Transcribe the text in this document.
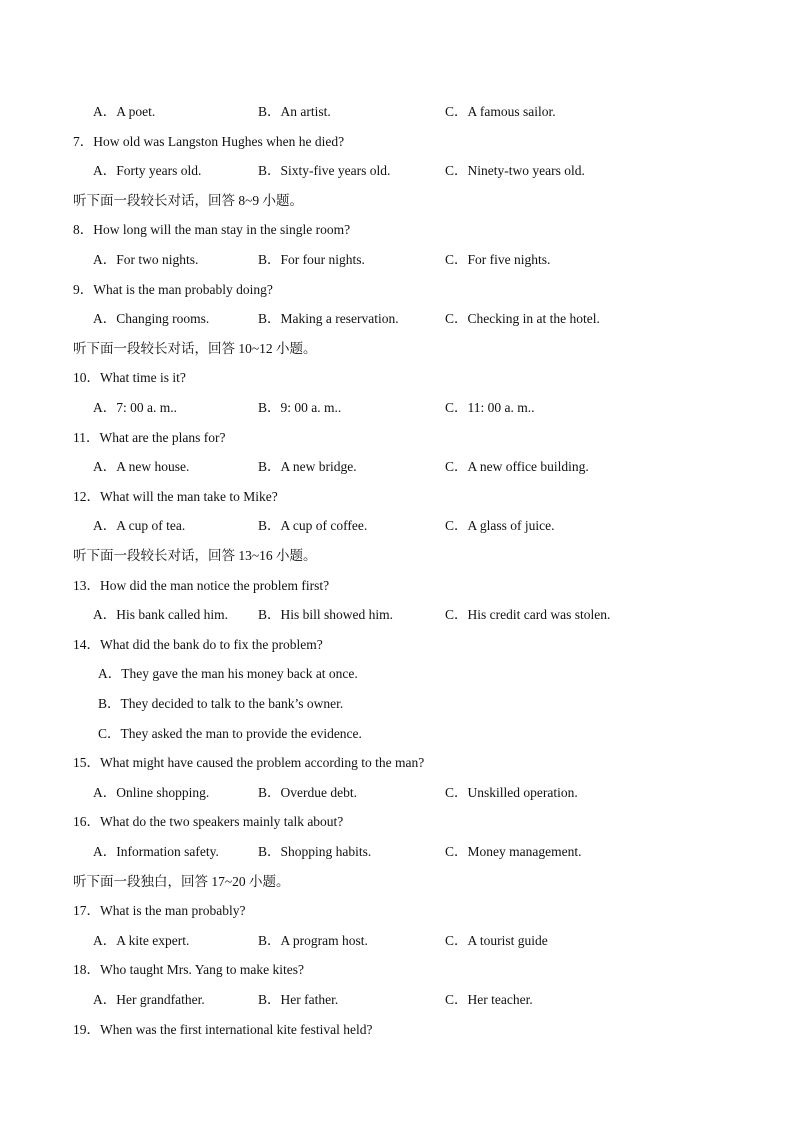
A．A poet.	B．An artist.	C．A famous sailor.
7．How old was Langston Hughes when he died?
A．Forty years old.	B．Sixty-five years old.	C．Ninety-two years old.
听下面一段较长对话，回答 8~9 小题。
8．How long will the man stay in the single room?
A．For two nights.	B．For four nights.	C．For five nights.
9．What is the man probably doing?
A．Changing rooms.	B．Making a reservation.	C．Checking in at the hotel.
听下面一段较长对话，回答 10~12 小题。
10．What time is it?
A．7: 00 a. m..	B．9: 00 a. m..	C．11: 00 a. m..
11．What are the plans for?
A．A new house.	B．A new bridge.	C．A new office building.
12．What will the man take to Mike?
A．A cup of tea.	B．A cup of coffee.	C．A glass of juice.
听下面一段较长对话，回答 13~16 小题。
13．How did the man notice the problem first?
A．His bank called him. B．His bill showed him.	C．His credit card was stolen.
14．What did the bank do to fix the problem?
A．They gave the man his money back at once.
B．They decided to talk to the bank’s owner.
C．They asked the man to provide the evidence.
15．What might have caused the problem according to the man?
A．Online shopping.	B．Overdue debt.	C．Unskilled operation.
16．What do the two speakers mainly talk about?
A．Information safety.	B．Shopping habits.	C．Money management.
听下面一段独白，回答 17~20 小题。
17．What is the man probably?
A．A kite expert.	B．A program host.	C．A tourist guide
18．Who taught Mrs. Yang to make kites?
A．Her grandfather.	B．Her father.	C．Her teacher.
19．When was the first international kite festival held?
